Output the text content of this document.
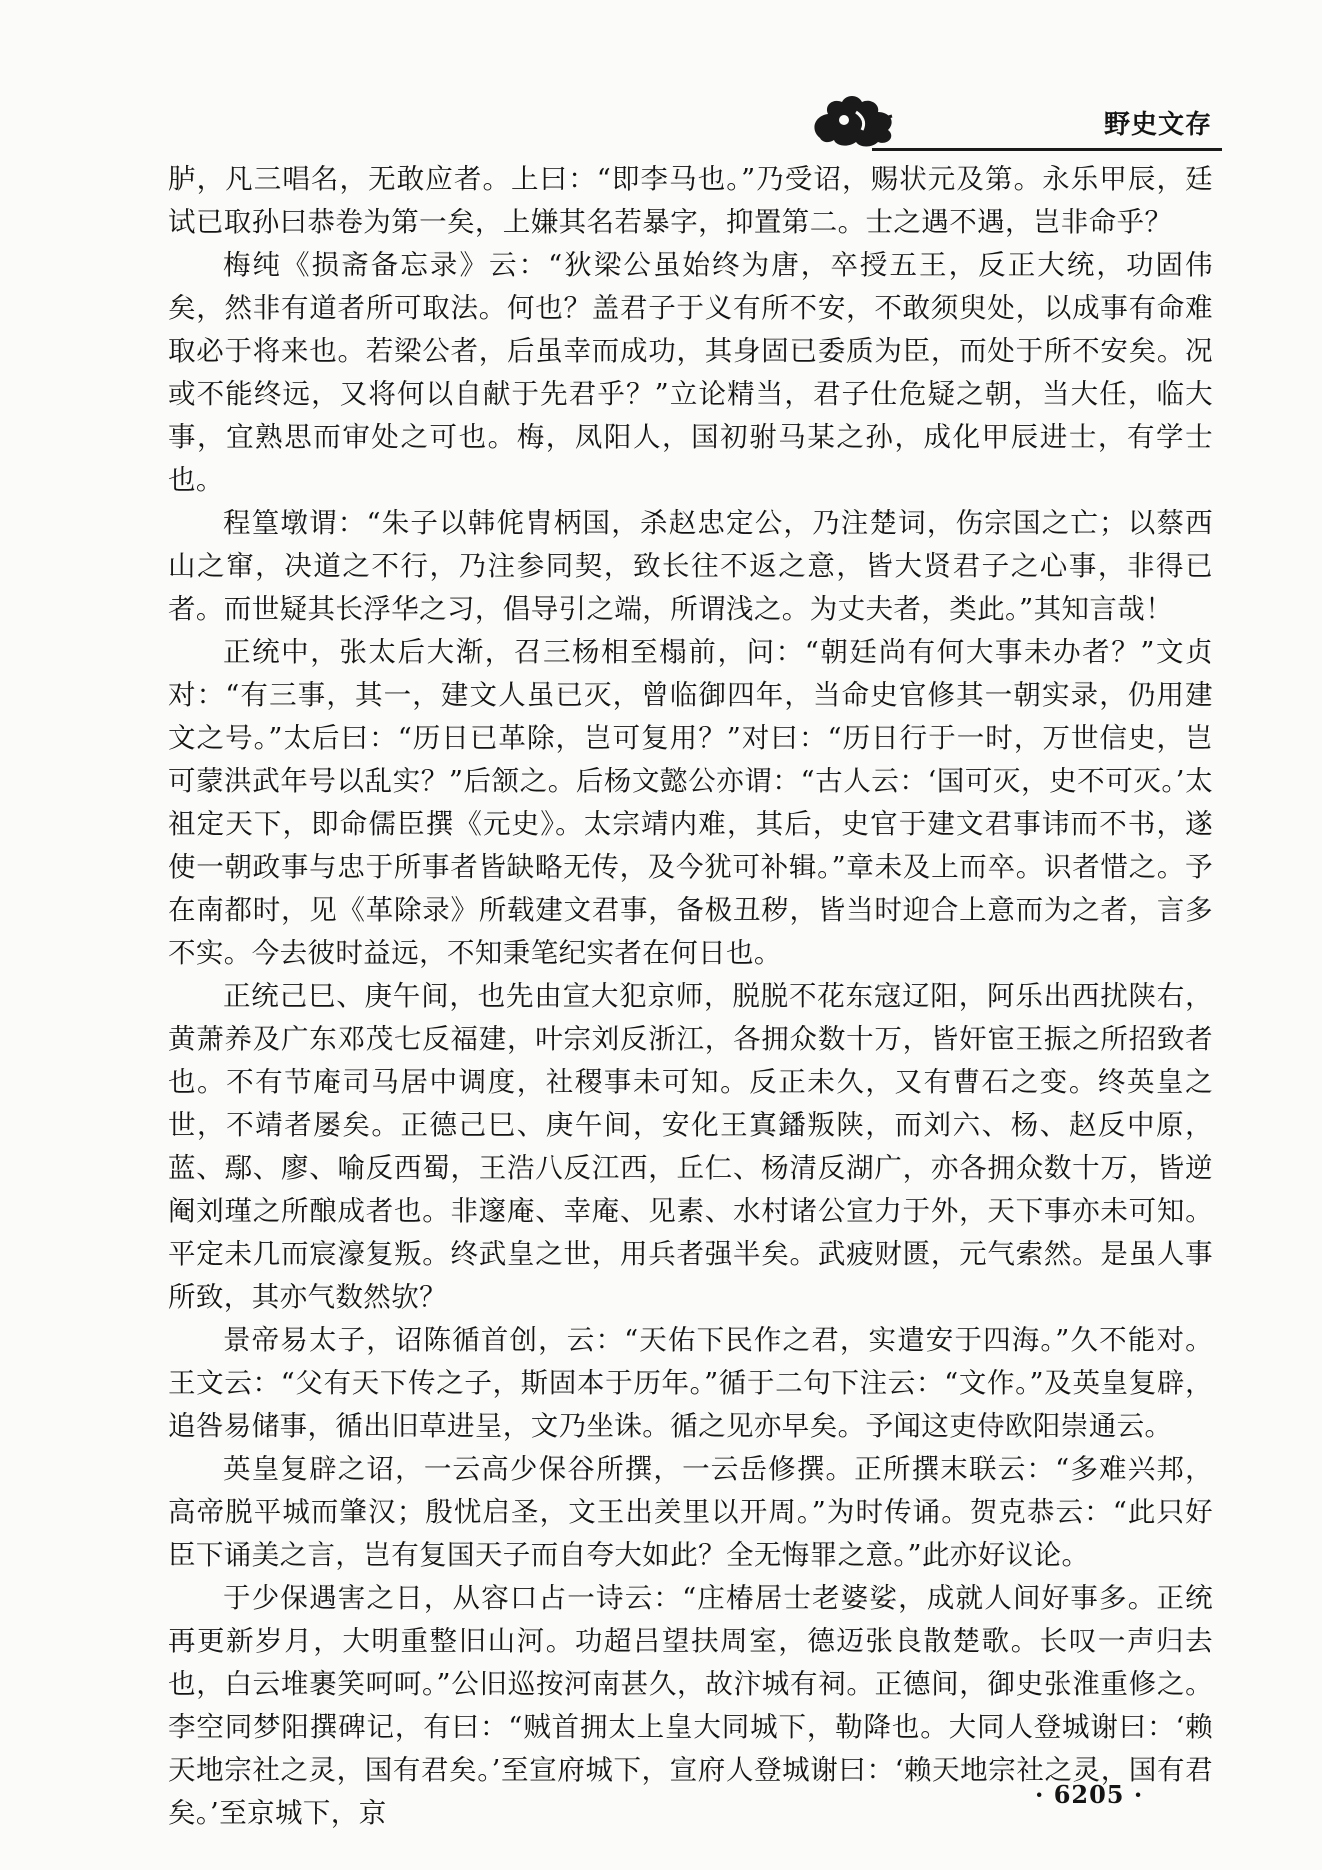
野史文存

胪，凡三唱名，无敢应者。上曰：“即李马也。”乃受诏，赐状元及第。永乐甲辰，廷试已取孙曰恭卷为第一矣，上嫌其名若暴字，抑置第二。士之遇不遇，岂非命乎？

梅纯《损斋备忘录》云：“狄梁公虽始终为唐，卒授五王，反正大统，功固伟矣，然非有道者所可取法。何也？盖君子于义有所不安，不敢须臾处，以成事有命难取必于将来也。若梁公者，后虽幸而成功，其身固已委质为臣，而处于所不安矣。况或不能终远，又将何以自献于先君乎？”立论精当，君子仕危疑之朝，当大任，临大事，宜熟思而审处之可也。梅，凤阳人，国初驸马某之孙，成化甲辰进士，有学士也。

程篁墩谓：“朱子以韩侂胄柄国，杀赵忠定公，乃注楚词，伤宗国之亡；以蔡西山之窜，决道之不行，乃注参同契，致长往不返之意，皆大贤君子之心事，非得已者。而世疑其长浮华之习，倡导引之端，所谓浅之。为丈夫者，类此。”其知言哉！

正统中，张太后大渐，召三杨相至榻前，问：“朝廷尚有何大事未办者？”文贞对：“有三事，其一，建文人虽已灭，曾临御四年，当命史官修其一朝实录，仍用建文之号。”太后曰：“历日已革除，岂可复用？”对曰：“历日行于一时，万世信史，岂可蒙洪武年号以乱实？”后颔之。后杨文懿公亦谓：“古人云：‘国可灭，史不可灭。’太祖定天下，即命儒臣撰《元史》。太宗靖内难，其后，史官于建文君事讳而不书，遂使一朝政事与忠于所事者皆缺略无传，及今犹可补辑。”章未及上而卒。识者惜之。予在南都时，见《革除录》所载建文君事，备极丑秽，皆当时迎合上意而为之者，言多不实。今去彼时益远，不知秉笔纪实者在何日也。

正统己巳、庚午间，也先由宣大犯京师，脱脱不花东寇辽阳，阿乐出西扰陕右，黄萧养及广东邓茂七反福建，叶宗刘反浙江，各拥众数十万，皆奸宦王振之所招致者也。不有节庵司马居中调度，社稷事未可知。反正未久，又有曹石之变。终英皇之世，不靖者屡矣。正德己巳、庚午间，安化王寘鐇叛陕，而刘六、杨、赵反中原，蓝、鄢、廖、喻反西蜀，王浩八反江西，丘仁、杨清反湖广，亦各拥众数十万，皆逆阉刘瑾之所酿成者也。非邃庵、幸庵、见素、水村诸公宣力于外，天下事亦未可知。平定未几而宸濠复叛。终武皇之世，用兵者强半矣。武疲财匮，元气索然。是虽人事所致，其亦气数然欤？

景帝易太子，诏陈循首创，云：“天佑下民作之君，实遣安于四海。”久不能对。王文云：“父有天下传之子，斯固本于历年。”循于二句下注云：“文作。”及英皇复辟，追咎易储事，循出旧草进呈，文乃坐诛。循之见亦早矣。予闻这吏侍欧阳崇通云。

英皇复辟之诏，一云高少保谷所撰，一云岳修撰。正所撰末联云：“多难兴邦，高帝脱平城而肇汉；殷忧启圣，文王出羑里以开周。”为时传诵。贺克恭云：“此只好臣下诵美之言，岂有复国天子而自夸大如此？全无悔罪之意。”此亦好议论。

于少保遇害之日，从容口占一诗云：“庄椿居士老婆娑，成就人间好事多。正统再更新岁月，大明重整旧山河。功超吕望扶周室，德迈张良散楚歌。长叹一声归去也，白云堆裹笑呵呵。”公旧巡按河南甚久，故汴城有祠。正德间，御史张淮重修之。李空同梦阳撰碑记，有曰：“贼首拥太上皇大同城下，勒降也。大同人登城谢曰：‘赖天地宗社之灵，国有君矣。’至宣府城下，宣府人登城谢曰：‘赖天地宗社之灵，国有君矣。’至京城下，京

· 6205 ·
